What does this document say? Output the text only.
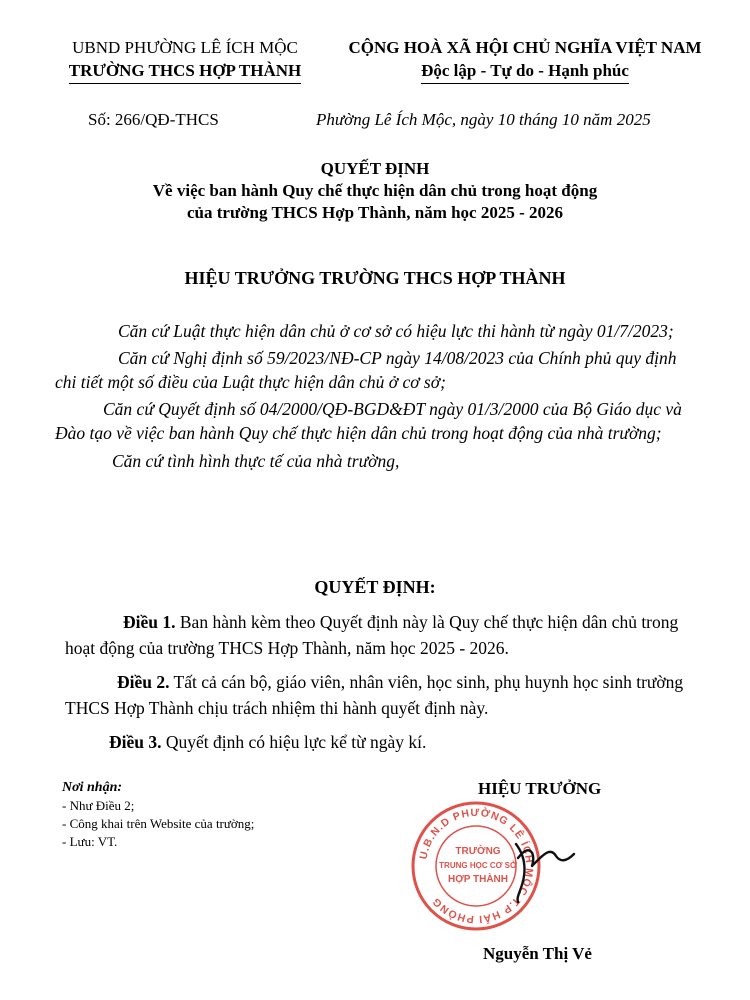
UBND PHƯỜNG LÊ ÍCH MỘC
TRƯỜNG THCS HỢP THÀNH
CỘNG HOÀ XÃ HỘI CHỦ NGHĨA VIỆT NAM
Độc lập - Tự do - Hạnh phúc
Số: 266/QĐ-THCS	Phường Lê Ích Mộc, ngày 10 tháng 10 năm 2025
QUYẾT ĐỊNH
Về việc ban hành Quy chế thực hiện dân chủ trong hoạt động
của trường THCS Hợp Thành, năm học 2025 - 2026
HIỆU TRƯỞNG TRƯỜNG THCS HỢP THÀNH

Căn cứ Luật thực hiện dân chủ ở cơ sở có hiệu lực thi hành từ ngày 01/7/2023;

Căn cứ Nghị định số 59/2023/NĐ-CP ngày 14/08/2023 của Chính phủ quy định chi tiết một số điều của Luật thực hiện dân chủ ở cơ sở;

Căn cứ Quyết định số 04/2000/QĐ-BGD&ĐT ngày 01/3/2000 của Bộ Giáo dục và Đào tạo về việc ban hành Quy chế thực hiện dân chủ trong hoạt động của nhà trường;

Căn cứ tình hình thực tế của nhà trường,

QUYẾT ĐỊNH:

Điều 1. Ban hành kèm theo Quyết định này là Quy chế thực hiện dân chủ trong hoạt động của trường THCS Hợp Thành, năm học 2025 - 2026.

Điều 2. Tất cả cán bộ, giáo viên, nhân viên, học sinh, phụ huynh học sinh trường THCS Hợp Thành chịu trách nhiệm thi hành quyết định này.

Điều 3. Quyết định có hiệu lực kể từ ngày kí.

Nơi nhận:
- Như Điều 2;
- Công khai trên Website của trường;
- Lưu: VT.
HIỆU TRƯỞNG
U.B.N.D PHƯỜNG LÊ ÍCH MỘC T.P HẢI PHÒNG
TRƯỜNG
TRUNG HỌC CƠ SỞ
HỢP THÀNH
Nguyễn Thị Vẻ
